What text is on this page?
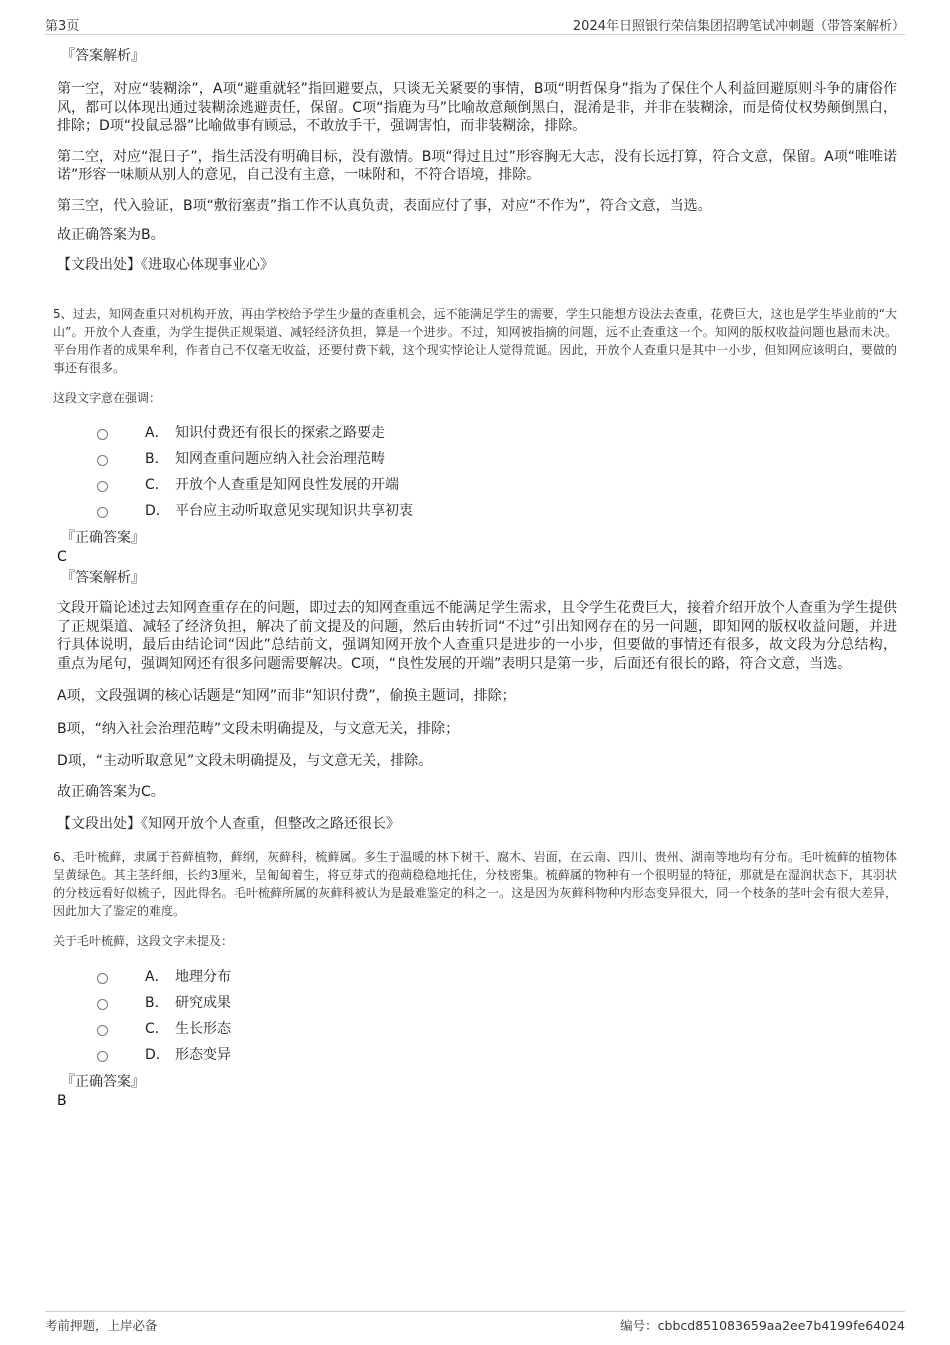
第3页	2024年日照银行荣信集团招聘笔试冲刺题（带答案解析）
『答案解析』

第一空，对应“装糊涂”，A项“避重就轻”指回避要点，只谈无关紧要的事情，B项“明哲保身”指为了保住个人利益回避原则斗争的庸俗作风，都可以体现出通过装糊涂逃避责任，保留。C项“指鹿为马”比喻故意颠倒黑白，混淆是非，并非在装糊涂，而是倚仗权势颠倒黑白，排除；D项“投鼠忌器”比喻做事有顾忌，不敢放手干，强调害怕，而非装糊涂，排除。

第二空，对应“混日子”，指生活没有明确目标，没有激情。B项“得过且过”形容胸无大志，没有长远打算，符合文意，保留。A项“唯唯诺诺”形容一味顺从别人的意见，自己没有主意，一味附和，不符合语境，排除。

第三空，代入验证，B项“敷衍塞责”指工作不认真负责，表面应付了事，对应“不作为”，符合文意，当选。

故正确答案为B。
【文段出处】《进取心体现事业心》

5、过去，知网查重只对机构开放，再由学校给予学生少量的查重机会，远不能满足学生的需要，学生只能想方设法去查重，花费巨大，这也是学生毕业前的“大山”。开放个人查重，为学生提供正规渠道、减轻经济负担，算是一个进步。不过，知网被指摘的问题，远不止查重这一个。知网的版权收益问题也悬而未决。平台用作者的成果牟利，作者自己不仅毫无收益，还要付费下载，这个现实悖论让人觉得荒诞。因此，开放个人查重只是其中一小步，但知网应该明白，要做的事还有很多。

这段文字意在强调：
A． 知识付费还有很长的探索之路要走
B． 知网查重问题应纳入社会治理范畴
C． 开放个人查重是知网良性发展的开端
D． 平台应主动听取意见实现知识共享初衷
『正确答案』
C
『答案解析』

文段开篇论述过去知网查重存在的问题，即过去的知网查重远不能满足学生需求，且令学生花费巨大，接着介绍开放个人查重为学生提供了正规渠道、减轻了经济负担，解决了前文提及的问题，然后由转折词“不过”引出知网存在的另一问题，即知网的版权收益问题，并进行具体说明，最后由结论词“因此”总结前文，强调知网开放个人查重只是进步的一小步，但要做的事情还有很多，故文段为分总结构，重点为尾句，强调知网还有很多问题需要解决。C项，“良性发展的开端”表明只是第一步，后面还有很长的路，符合文意，当选。

A项，文段强调的核心话题是“知网”而非“知识付费”，偷换主题词，排除；
B项，“纳入社会治理范畴”文段未明确提及，与文意无关，排除；
D项，“主动听取意见”文段未明确提及，与文意无关，排除。
故正确答案为C。
【文段出处】《知网开放个人查重，但整改之路还很长》

6、毛叶梳藓，隶属于苔藓植物，藓纲，灰藓科，梳藓属。多生于温暖的林下树干、腐木、岩面，在云南、四川、贵州、湖南等地均有分布。毛叶梳藓的植物体呈黄绿色。其主茎纤细，长约3厘米，呈匍匐着生，将豆芽式的孢蒴稳稳地托住，分枝密集。梳藓属的物种有一个很明显的特征，那就是在湿润状态下，其羽状的分枝远看好似梳子，因此得名。毛叶梳藓所属的灰藓科被认为是最难鉴定的科之一。这是因为灰藓科物种内形态变异很大，同一个枝条的茎叶会有很大差异，因此加大了鉴定的难度。

关于毛叶梳藓，这段文字未提及：
A． 地理分布
B． 研究成果
C． 生长形态
D． 形态变异
『正确答案』
B
考前押题，上岸必备	编号：cbbcd851083659aa2ee7b4199fe64024
